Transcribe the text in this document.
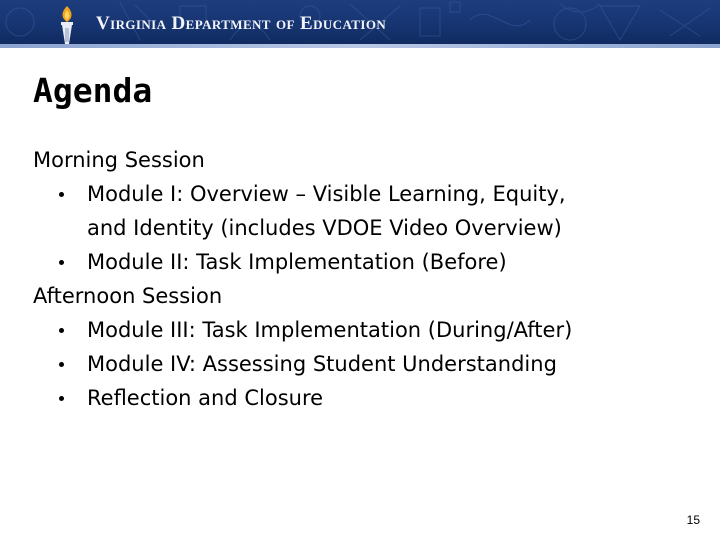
Virginia Department of Education
Agenda
Morning Session
Module I: Overview – Visible Learning, Equity,
and Identity (includes VDOE Video Overview)
Module II: Task Implementation (Before)
Afternoon Session
Module III: Task Implementation (During/After)
Module IV: Assessing Student Understanding
Reflection and Closure
15
